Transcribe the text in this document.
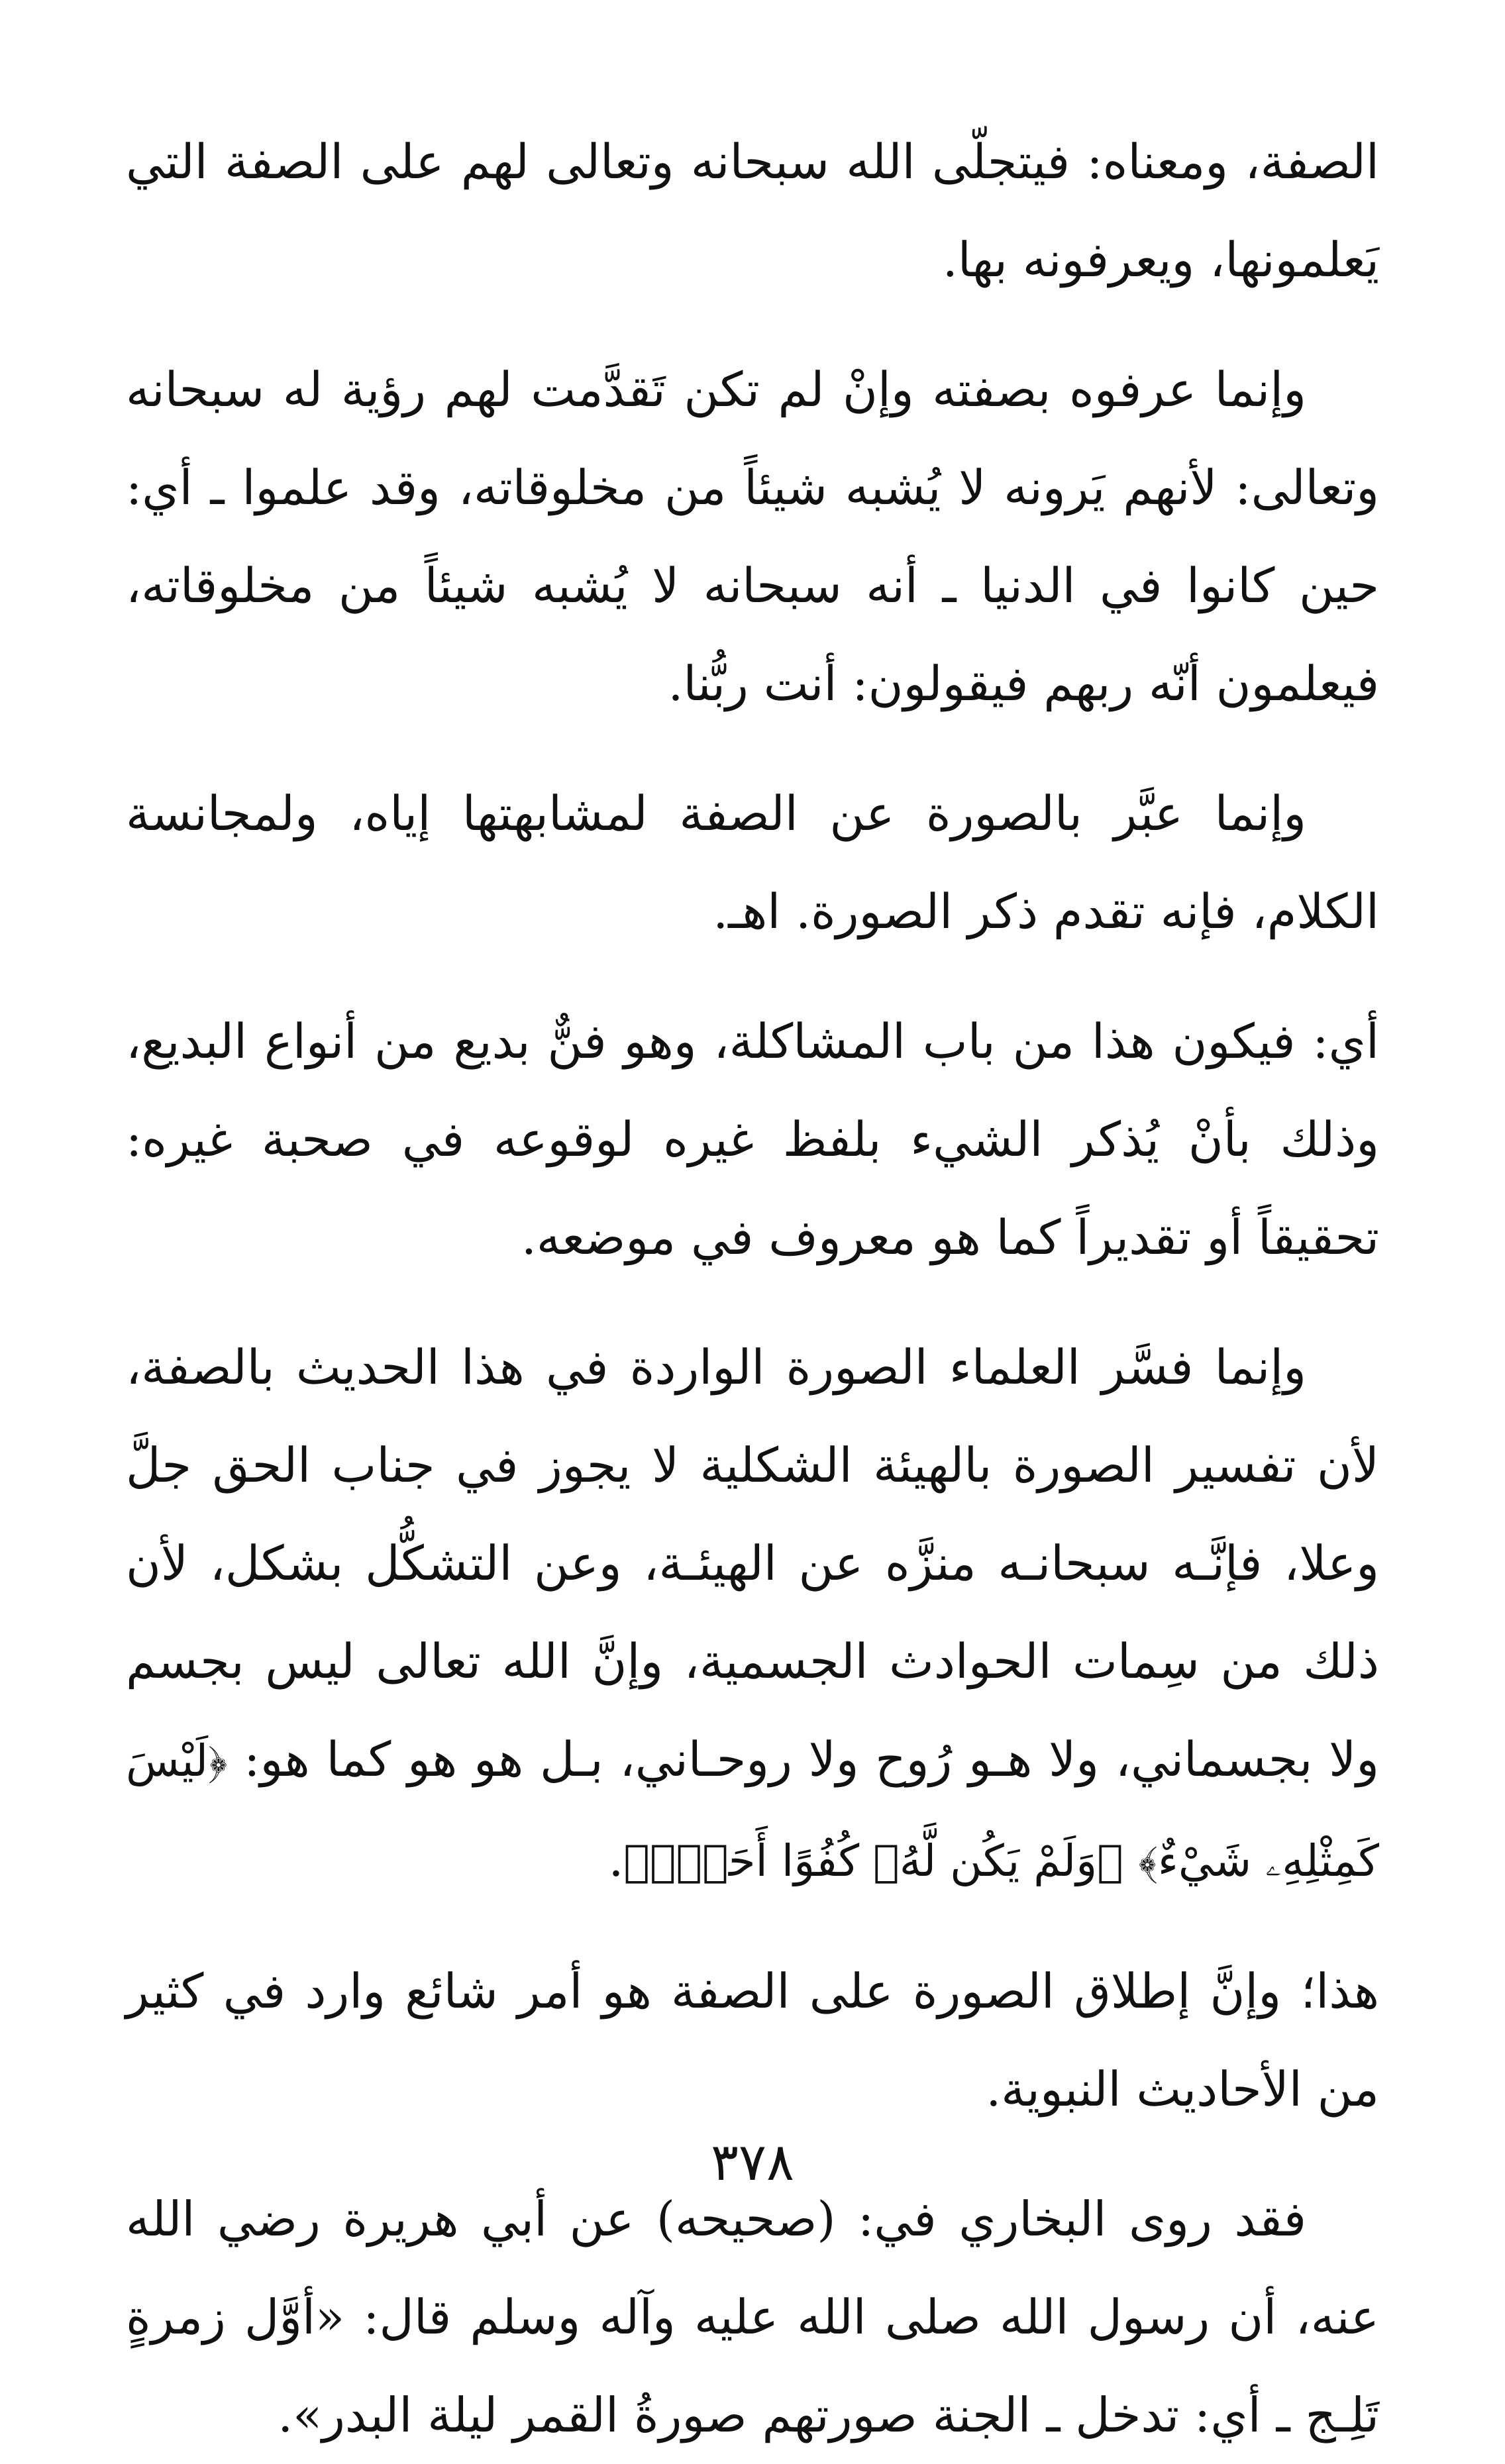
الصفة، ومعناه: فيتجلّى الله سبحانه وتعالى لهم على الصفة التي يَعلمونها، ويعرفونه بها.

وإنما عرفوه بصفته وإنْ لم تكن تَقدَّمت لهم رؤية له سبحانه وتعالى: لأنهم يَرونه لا يُشبه شيئاً من مخلوقاته، وقد علموا ـ أي: حين كانوا في الدنيا ـ أنه سبحانه لا يُشبه شيئاً من مخلوقاته، فيعلمون أنّه ربهم فيقولون: أنت ربُّنا.

وإنما عبَّر بالصورة عن الصفة لمشابهتها إياه، ولمجانسة الكلام، فإنه تقدم ذكر الصورة. اهـ.

أي: فيكون هذا من باب المشاكلة، وهو فنٌّ بديع من أنواع البديع، وذلك بأنْ يُذكر الشيء بلفظ غيره لوقوعه في صحبة غيره: تحقيقاً أو تقديراً كما هو معروف في موضعه.

وإنما فسَّر العلماء الصورة الواردة في هذا الحديث بالصفة، لأن تفسير الصورة بالهيئة الشكلية لا يجوز في جناب الحق جلَّ وعلا، فإنَّـه سبحانـه منزَّه عن الهيئـة، وعن التشكُّل بشكل، لأن ذلك من سِمات الحوادث الجسمية، وإنَّ الله تعالى ليس بجسم ولا بجسماني، ولا هـو رُوح ولا روحـاني، بـل هو هو كما هو: ﴿لَيْسَ كَمِثْلِهِۦ شَيْءٌ﴾ ﴿وَلَمْ يَكُن لَّهُۥ كُفُوًا أَحَدٌۢ﴾.

هذا؛ وإنَّ إطلاق الصورة على الصفة هو أمر شائع وارد في كثير من الأحاديث النبوية.

فقد روى البخاري في: (صحيحه) عن أبي هريرة رضي الله عنه، أن رسول الله صلى الله عليه وآله وسلم قال: «أوَّل زمرةٍ تَلِـج ـ أي: تدخل ـ الجنة صورتهم صورةُ القمر ليلة البدر».

٣٧٨
